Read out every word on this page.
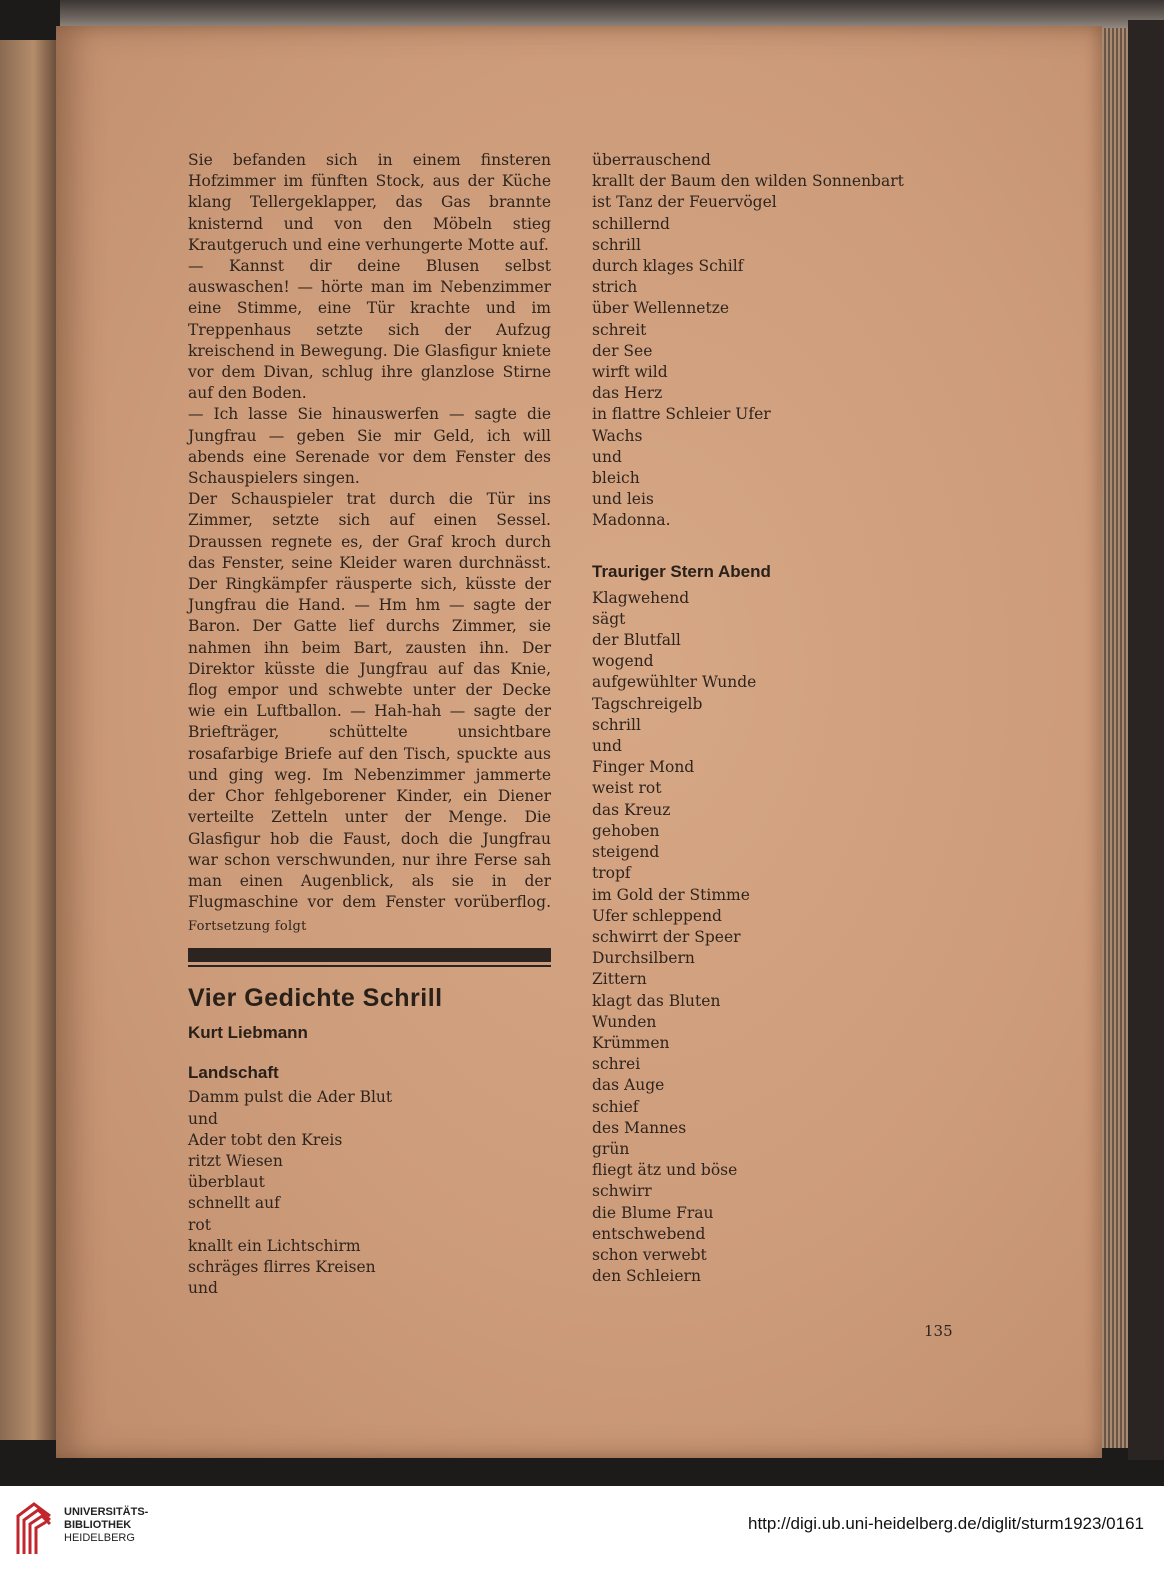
Sie befanden sich in einem finsteren Hofzimmer im fünften Stock, aus der Küche klang Tellergeklapper, das Gas brannte knisternd und von den Möbeln stieg Krautgeruch und eine verhungerte Motte auf.

— Kannst dir deine Blusen selbst auswaschen! — hörte man im Nebenzimmer eine Stimme, eine Tür krachte und im Treppenhaus setzte sich der Aufzug kreischend in Bewegung. Die Glasfigur kniete vor dem Divan, schlug ihre glanzlose Stirne auf den Boden.

— Ich lasse Sie hinauswerfen — sagte die Jungfrau — geben Sie mir Geld, ich will abends eine Serenade vor dem Fenster des Schauspielers singen.

Der Schauspieler trat durch die Tür ins Zimmer, setzte sich auf einen Sessel. Draussen regnete es, der Graf kroch durch das Fenster, seine Kleider waren durchnässt. Der Ringkämpfer räusperte sich, küsste der Jungfrau die Hand. — Hm hm — sagte der Baron. Der Gatte lief durchs Zimmer, sie nahmen ihn beim Bart, zausten ihn. Der Direktor küsste die Jungfrau auf das Knie, flog empor und schwebte unter der Decke wie ein Luftballon. — Hah-hah — sagte der Briefträger, schüttelte unsichtbare rosafarbige Briefe auf den Tisch, spuckte aus und ging weg. Im Nebenzimmer jammerte der Chor fehlgeborener Kinder, ein Diener verteilte Zetteln unter der Menge. Die Glasfigur hob die Faust, doch die Jungfrau war schon verschwunden, nur ihre Ferse sah man einen Augenblick, als sie in der Flugmaschine vor dem Fenster vorüberflog.

Fortsetzung folgt
Vier Gedichte Schrill
Kurt Liebmann
Landschaft
Damm pulst die Ader Blut
und
Ader tobt den Kreis
ritzt Wiesen
überblaut
schnellt auf
rot
knallt ein Lichtschirm
schräges flirres Kreisen
und
überrauschend
krallt der Baum den wilden Sonnenbart
ist Tanz der Feuervögel
schillernd
schrill
durch klages Schilf
strich
über Wellennetze
schreit
der See
wirft wild
das Herz
in flattre Schleier Ufer
Wachs
und
bleich
und leis
Madonna.
Trauriger Stern Abend
Klagwehend
sägt
der Blutfall
wogend
aufgewühlter Wunde
Tagschreigelb
schrill
und
Finger Mond
weist rot
das Kreuz
gehoben
steigend
tropf
im Gold der Stimme
Ufer schleppend
schwirrt der Speer
Durchsilbern
Zittern
klagt das Bluten
Wunden
Krümmen
schrei
das Auge
schief
des Mannes
grün
fliegt ätz und böse
schwirr
die Blume Frau
entschwebend
schon verwebt
den Schleiern
135
UNIVERSITÄTS-
BIBLIOTHEK
HEIDELBERG
http://digi.ub.uni-heidelberg.de/diglit/sturm1923/0161
